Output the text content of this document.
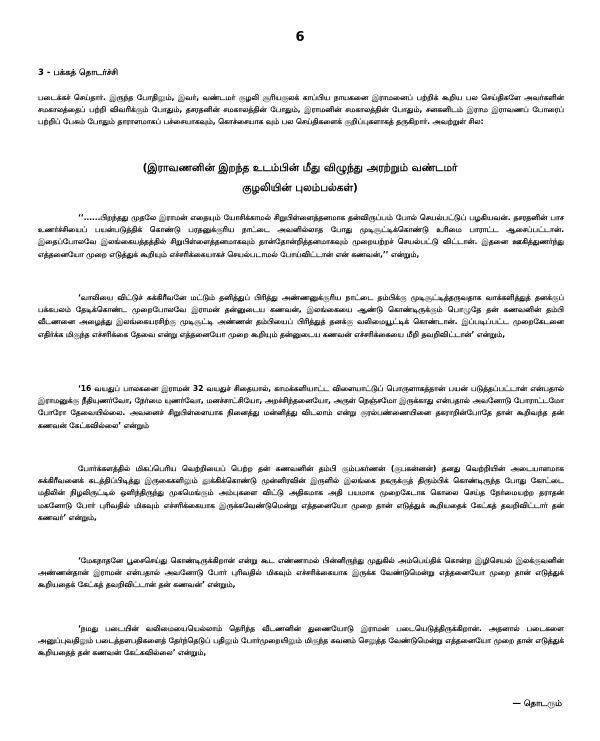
6
3 - பக்கத் தொடர்ச்சி
படைக்கச் செய்தார். இருந்த போதிலும், இவர், வண்டமர் குழலி சூரியகுலக் காப்பிய நாயகனை இராமனைப் பற்றிக் கூறிய பல செய்திகளே அவர்களின் சமகாலத்தைப் பற்றி விவரிக்கும் போதும், தசரதனின் சமகாலத்தின் போதும், இராமனின் சமகாலத்தின் போதும், சனகனிடம் இராம இராவணப் போரைப் பற்றிப் பேசும் போதும் தாராளமாகப் பச்சையாகவும், கொச்சையாக வும் பல செய்திகளைக் குறிப்புகளாகத் தருகிறார். அவற்றுள் சில:
(இராவணனின் இறந்த உடம்பின் மீது விழுந்து அரற்றும் வண்டமர்
குழலியின் புலம்பல்கள்)
‘‘......பிறந்தது முதலே இராமன் எதையும் யோசிக்காமல் சிறுபிள்ளைத்தனமாக தன்விருப்பம் போல் செயல்பட்டுப் பழகியவன். தசரதனின் பாச உணர்ச்சியைப் பயன்படுத்திக் கொண்டு பரதனுக்குரிய நாட்டை அவனில்லாத போது முடிசூட்டிக்கொண்டு உரிமை பாராட்ட ஆசைப்பட்டான். இதைப்போலவே இலங்கையத்தத்தில் சிறுபிள்ளைத்தனமாகவும் தான்தோன்றித்தனமாகவும் முறையற்றச் செயல்பட்டு விட்டான். இதனை ஊகித்துணர்ந்து எத்தனையோ முறை எடுத்துக் கூறியும் எச்சரிக்கையாகச் செயல்படாமல் போய்விட்டான் என் கணவன்,’’ என்றும்,
‘வாலியை விட்டுச் சுக்கிரீவனே மட்டும் தனித்துப் பிரித்து அண்ணனுக்குரிய நாட்டை தம்பிக்கு முடிசூட்டித்தருவதாக வாக்களித்துத் தனக்குப் பக்கபலம் தேடிக்கொண்ட முறைபோலவே இராமன் தன்னுடைய கணவன், இலங்கையை ஆண்டு கொண்டிருக்கும் பொழுதே தன் கணவனின் தம்பி வீடணனை அழைத்து இலங்கையரசிற்கு முடிசூட்டி அண்ணன் தம்பியைப் பிரித்துத் தனக்கு வலிமையூட்டிக் கொண்டான். இப்படிப்பட்ட முறைகேடனை எதிர்க்க மிகுந்த எச்சரிக்கை தேவை என்று எத்தனையோ முறை கூறியும் தன்னுடைய கணவன் எச்சரிக்கையை மீறி தவறிவிட்டான்’ என்றும்,
‘16 வயதுப் பாலகனை இராமன் 32 வயதுச் சிதையால், காமக்களியாட்ட விளையாட்டுப் பொருளாகத்தான் பயன் படுத்தப்பட்டான் என்பதால் இராமனுக்கு நீதியுணர்வோ, நேர்மை யுணர்வோ, மனச்சாட்சியோ, அறச்சிந்தனையோ, அருள் நெஞ்சமோ இருக்காது என்பதால் அவனோடு போராட்டமோ போரோ தேவையில்லை. அவனைச் சிறுபிள்ளையாக நினைத்து மன்னித்து விடலாம் என்று குரல்பண்ணையினை தகராறின்போதே தான் கூறிவந்த தன் கணவன் கேட்கவில்லை’ என்றும்
போர்க்களத்தில் மிகப்பெரிய வெற்றியைப் பெற்ற தன் கணவனின் தம்பி கும்பகர்ணன் (குபகன்னன்) தனது வெற்றியின் அடையாளமாக சுக்கிரீவனைக் கடத்திப்பிடித்து இருகைகளிலும் தூக்கிக்கொண்டு முன்னிரவின் இருளில் இலங்கை நகருக்குத் திரும்பிக் கொண்டிருந்த போது கோட்டை மதிலின் நிழலிருட்டில் ஒளிந்திருந்து முகமெங்கும் அம்புகளை விட்டு அதிகமாக அதி பயமாக முறைகேடாக கொலை செய்த நேர்மையற்ற தராதன் மகனோடு போர் புரிவதில் மிகவும் எச்சரிக்கையாக இருக்கவேண்டுமென்று எத்தனையோ முறை தான் எடுத்துக் கூறியதைக் கேட்கத் தவறிவிட்டார் தன் கணவர்’ என்றும்,
‘மேகநாதனே பூசைசெய்து கொண்டிருக்கிறான் என்று கூட எண்ணாமல் பின்னிருந்து முதுகில் அம்பெய்திக் கொன்ற இழிசெயல் இலக்குவனின் அண்ணன்தான் இராமன் என்பதால் அவனோடு போர் புரிவதில் மிகவும் எச்சரிக்கையாக இருக்க வேண்டுமென்று எத்தனையோ முறை தான் எடுத்துக் கூறியதைக் கேட்கத் தவறிவிட்டான் தன் கணவன்’ என்றும்,
‘நமது படையின் வலிமையையெல்லாம் தெரிந்த வீடணனின் துணையோடு இராமன் படையெடுத்திருக்கிறான். அதனால் படைகளை அனுப்புவதிலும் படைத்தளபதிகளைத் தேர்ந்தெடுப் பதிலும் போர்முறையிலும் மிகுந்த கவனம் செலுத்த வேண்டுமென்று எத்தனையோ முறை தான் எடுத்துக் கூறியதைத் தன் கணவன் கேட்கவில்லை’ என்றும்,
— தொடரும்
